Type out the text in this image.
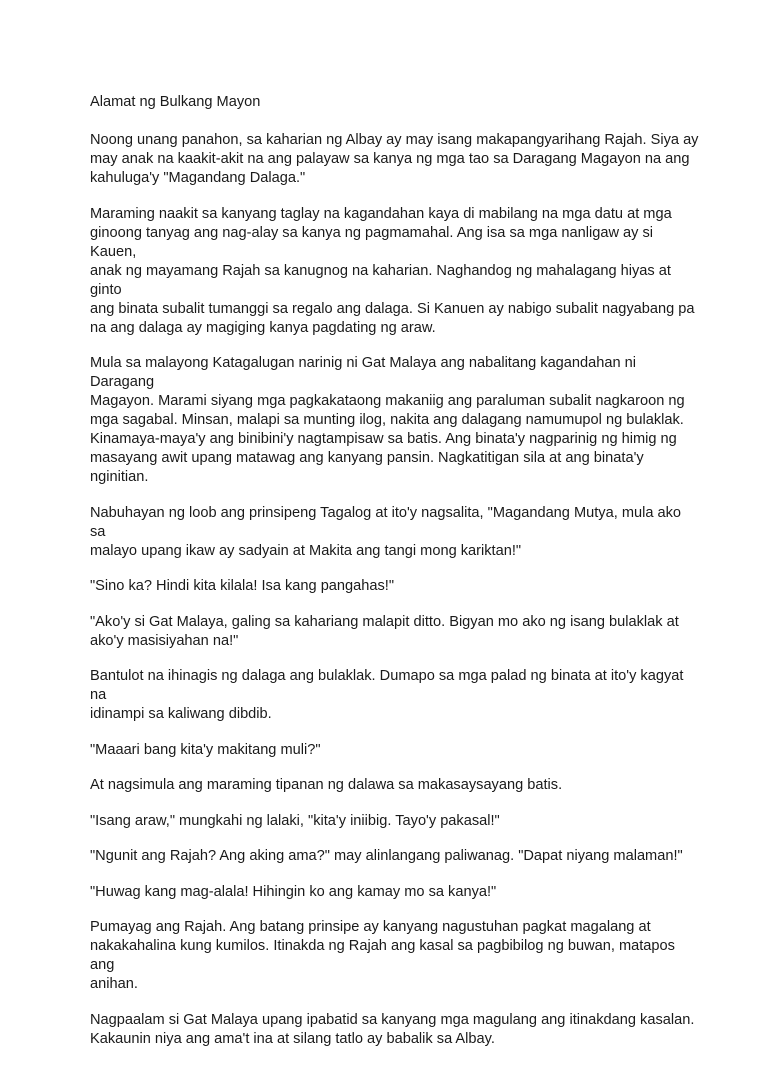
Alamat ng Bulkang Mayon

Noong unang panahon, sa kaharian ng Albay ay may isang makapangyarihang Rajah. Siya ay
may anak na kaakit-akit na ang palayaw sa kanya ng mga tao sa Daragang Magayon na ang
kahuluga'y "Magandang Dalaga."

Maraming naakit sa kanyang taglay na kagandahan kaya di mabilang na mga datu at mga
ginoong tanyag ang nag-alay sa kanya ng pagmamahal. Ang isa sa mga nanligaw ay si Kauen,
anak ng mayamang Rajah sa kanugnog na kaharian. Naghandog ng mahalagang hiyas at ginto
ang binata subalit tumanggi sa regalo ang dalaga. Si Kanuen ay nabigo subalit nagyabang pa
na ang dalaga ay magiging kanya pagdating ng araw.

Mula sa malayong Katagalugan narinig ni Gat Malaya ang nabalitang kagandahan ni Daragang
Magayon. Marami siyang mga pagkakataong makaniig ang paraluman subalit nagkaroon ng
mga sagabal. Minsan, malapi sa munting ilog, nakita ang dalagang namumupol ng bulaklak.
Kinamaya-maya'y ang binibini'y nagtampisaw sa batis. Ang binata'y nagparinig ng himig ng
masayang awit upang matawag ang kanyang pansin. Nagkatitigan sila at ang binata'y nginitian.

Nabuhayan ng loob ang prinsipeng Tagalog at ito'y nagsalita, "Magandang Mutya, mula ako sa
malayo upang ikaw ay sadyain at Makita ang tangi mong kariktan!"

"Sino ka? Hindi kita kilala! Isa kang pangahas!"

"Ako'y si Gat Malaya, galing sa kahariang malapit ditto. Bigyan mo ako ng isang bulaklak at
ako'y masisiyahan na!"

Bantulot na ihinagis ng dalaga ang bulaklak. Dumapo sa mga palad ng binata at ito'y kagyat na
idinampi sa kaliwang dibdib.

"Maaari bang kita'y makitang muli?"

At nagsimula ang maraming tipanan ng dalawa sa makasaysayang batis.

"Isang araw," mungkahi ng lalaki, "kita'y iniibig. Tayo'y pakasal!"

"Ngunit ang Rajah? Ang aking ama?" may alinlangang paliwanag. "Dapat niyang malaman!"

"Huwag kang mag-alala! Hihingin ko ang kamay mo sa kanya!"

Pumayag ang Rajah. Ang batang prinsipe ay kanyang nagustuhan pagkat magalang at
nakakahalina kung kumilos. Itinakda ng Rajah ang kasal sa pagbibilog ng buwan, matapos ang
anihan.

Nagpaalam si Gat Malaya upang ipabatid sa kanyang mga magulang ang itinakdang kasalan.
Kakaunin niya ang ama't ina at silang tatlo ay babalik sa Albay.
